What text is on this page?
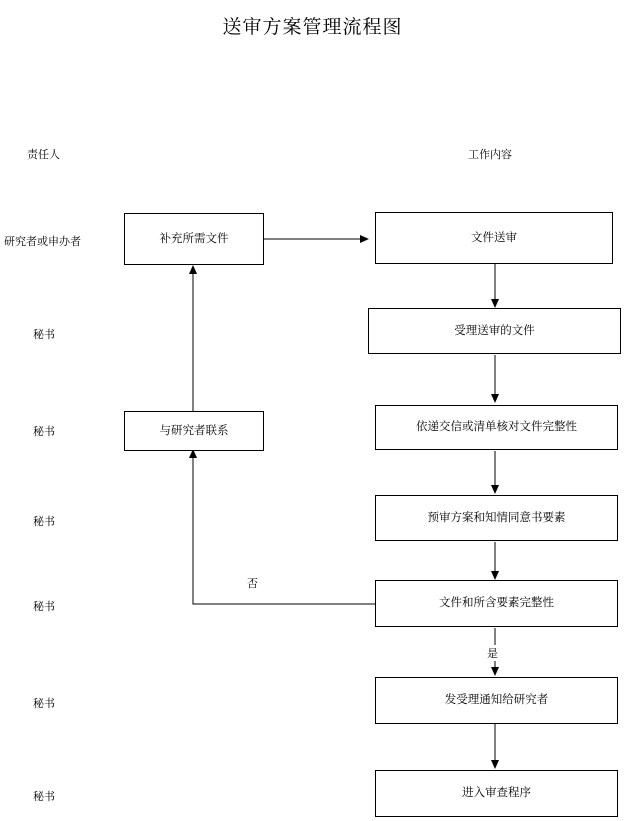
送审方案管理流程图
责任人	工作内容
研究者或申办者
秘书
秘书
秘书
秘书
秘书
秘书
补充所需文件
与研究者联系
文件送审
受理送审的文件
依递交信或清单核对文件完整性
预审方案和知情同意书要素
文件和所含要素完整性
发受理通知给研究者
进入审查程序
否
是
